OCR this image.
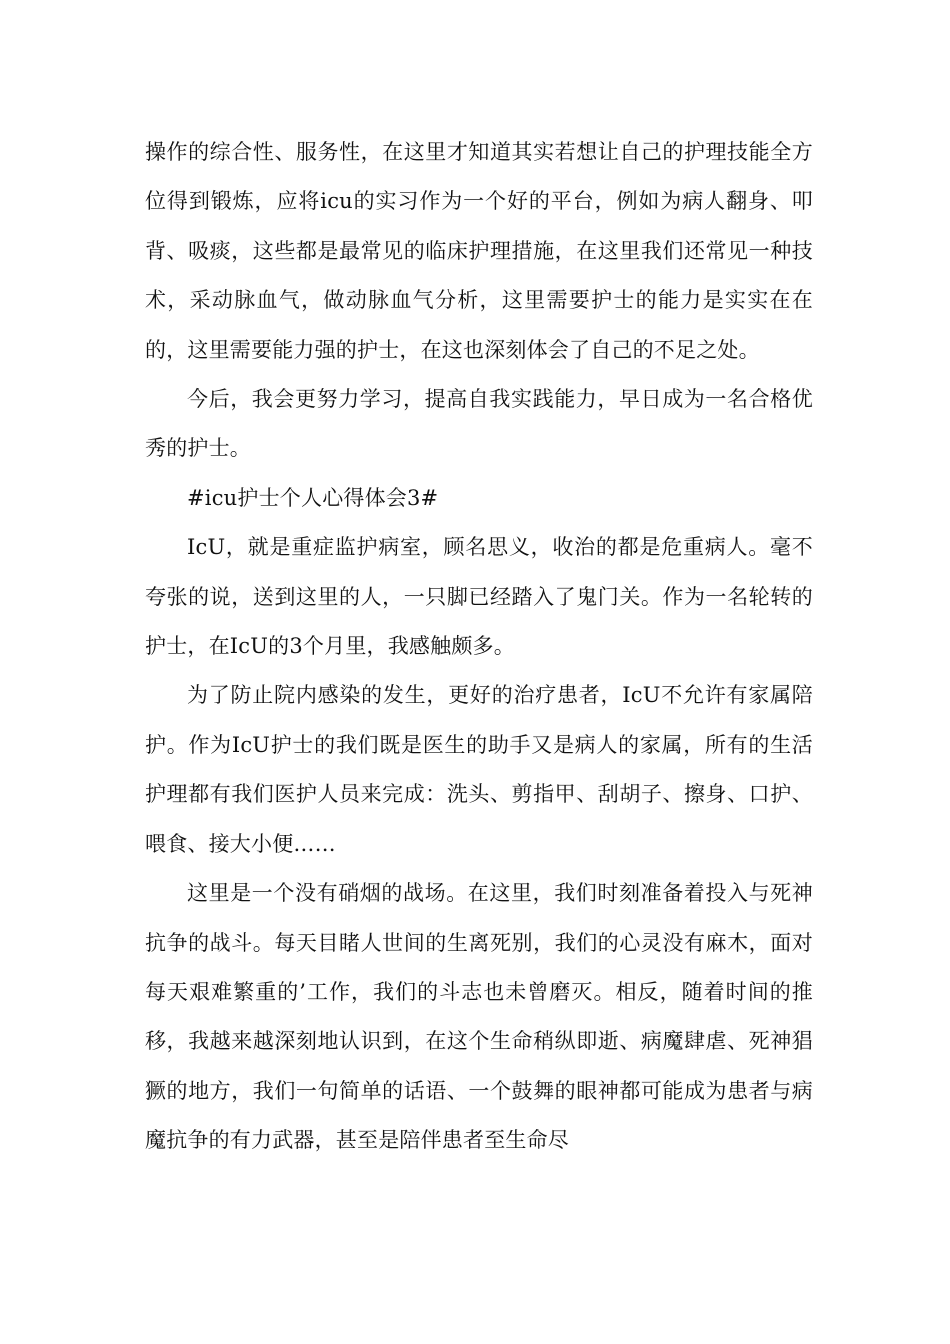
操作的综合性、服务性，在这里才知道其实若想让自己的护理技能全方位得到锻炼，应将icu的实习作为一个好的平台，例如为病人翻身、叩背、吸痰，这些都是最常见的临床护理措施，在这里我们还常见一种技术，采动脉血气，做动脉血气分析，这里需要护士的能力是实实在在的，这里需要能力强的护士，在这也深刻体会了自己的不足之处。

今后，我会更努力学习，提高自我实践能力，早日成为一名合格优秀的护士。

#icu护士个人心得体会3#

IcU，就是重症监护病室，顾名思义，收治的都是危重病人。毫不夸张的说，送到这里的人，一只脚已经踏入了鬼门关。作为一名轮转的护士，在IcU的3个月里，我感触颇多。

为了防止院内感染的发生，更好的治疗患者，IcU不允许有家属陪护。作为IcU护士的我们既是医生的助手又是病人的家属，所有的生活护理都有我们医护人员来完成：洗头、剪指甲、刮胡子、擦身、口护、喂食、接大小便……

这里是一个没有硝烟的战场。在这里，我们时刻准备着投入与死神抗争的战斗。每天目睹人世间的生离死别，我们的心灵没有麻木，面对每天艰难繁重的’工作，我们的斗志也未曾磨灭。相反，随着时间的推移，我越来越深刻地认识到，在这个生命稍纵即逝、病魔肆虐、死神猖獗的地方，我们一句简单的话语、一个鼓舞的眼神都可能成为患者与病魔抗争的有力武器，甚至是陪伴患者至生命尽
